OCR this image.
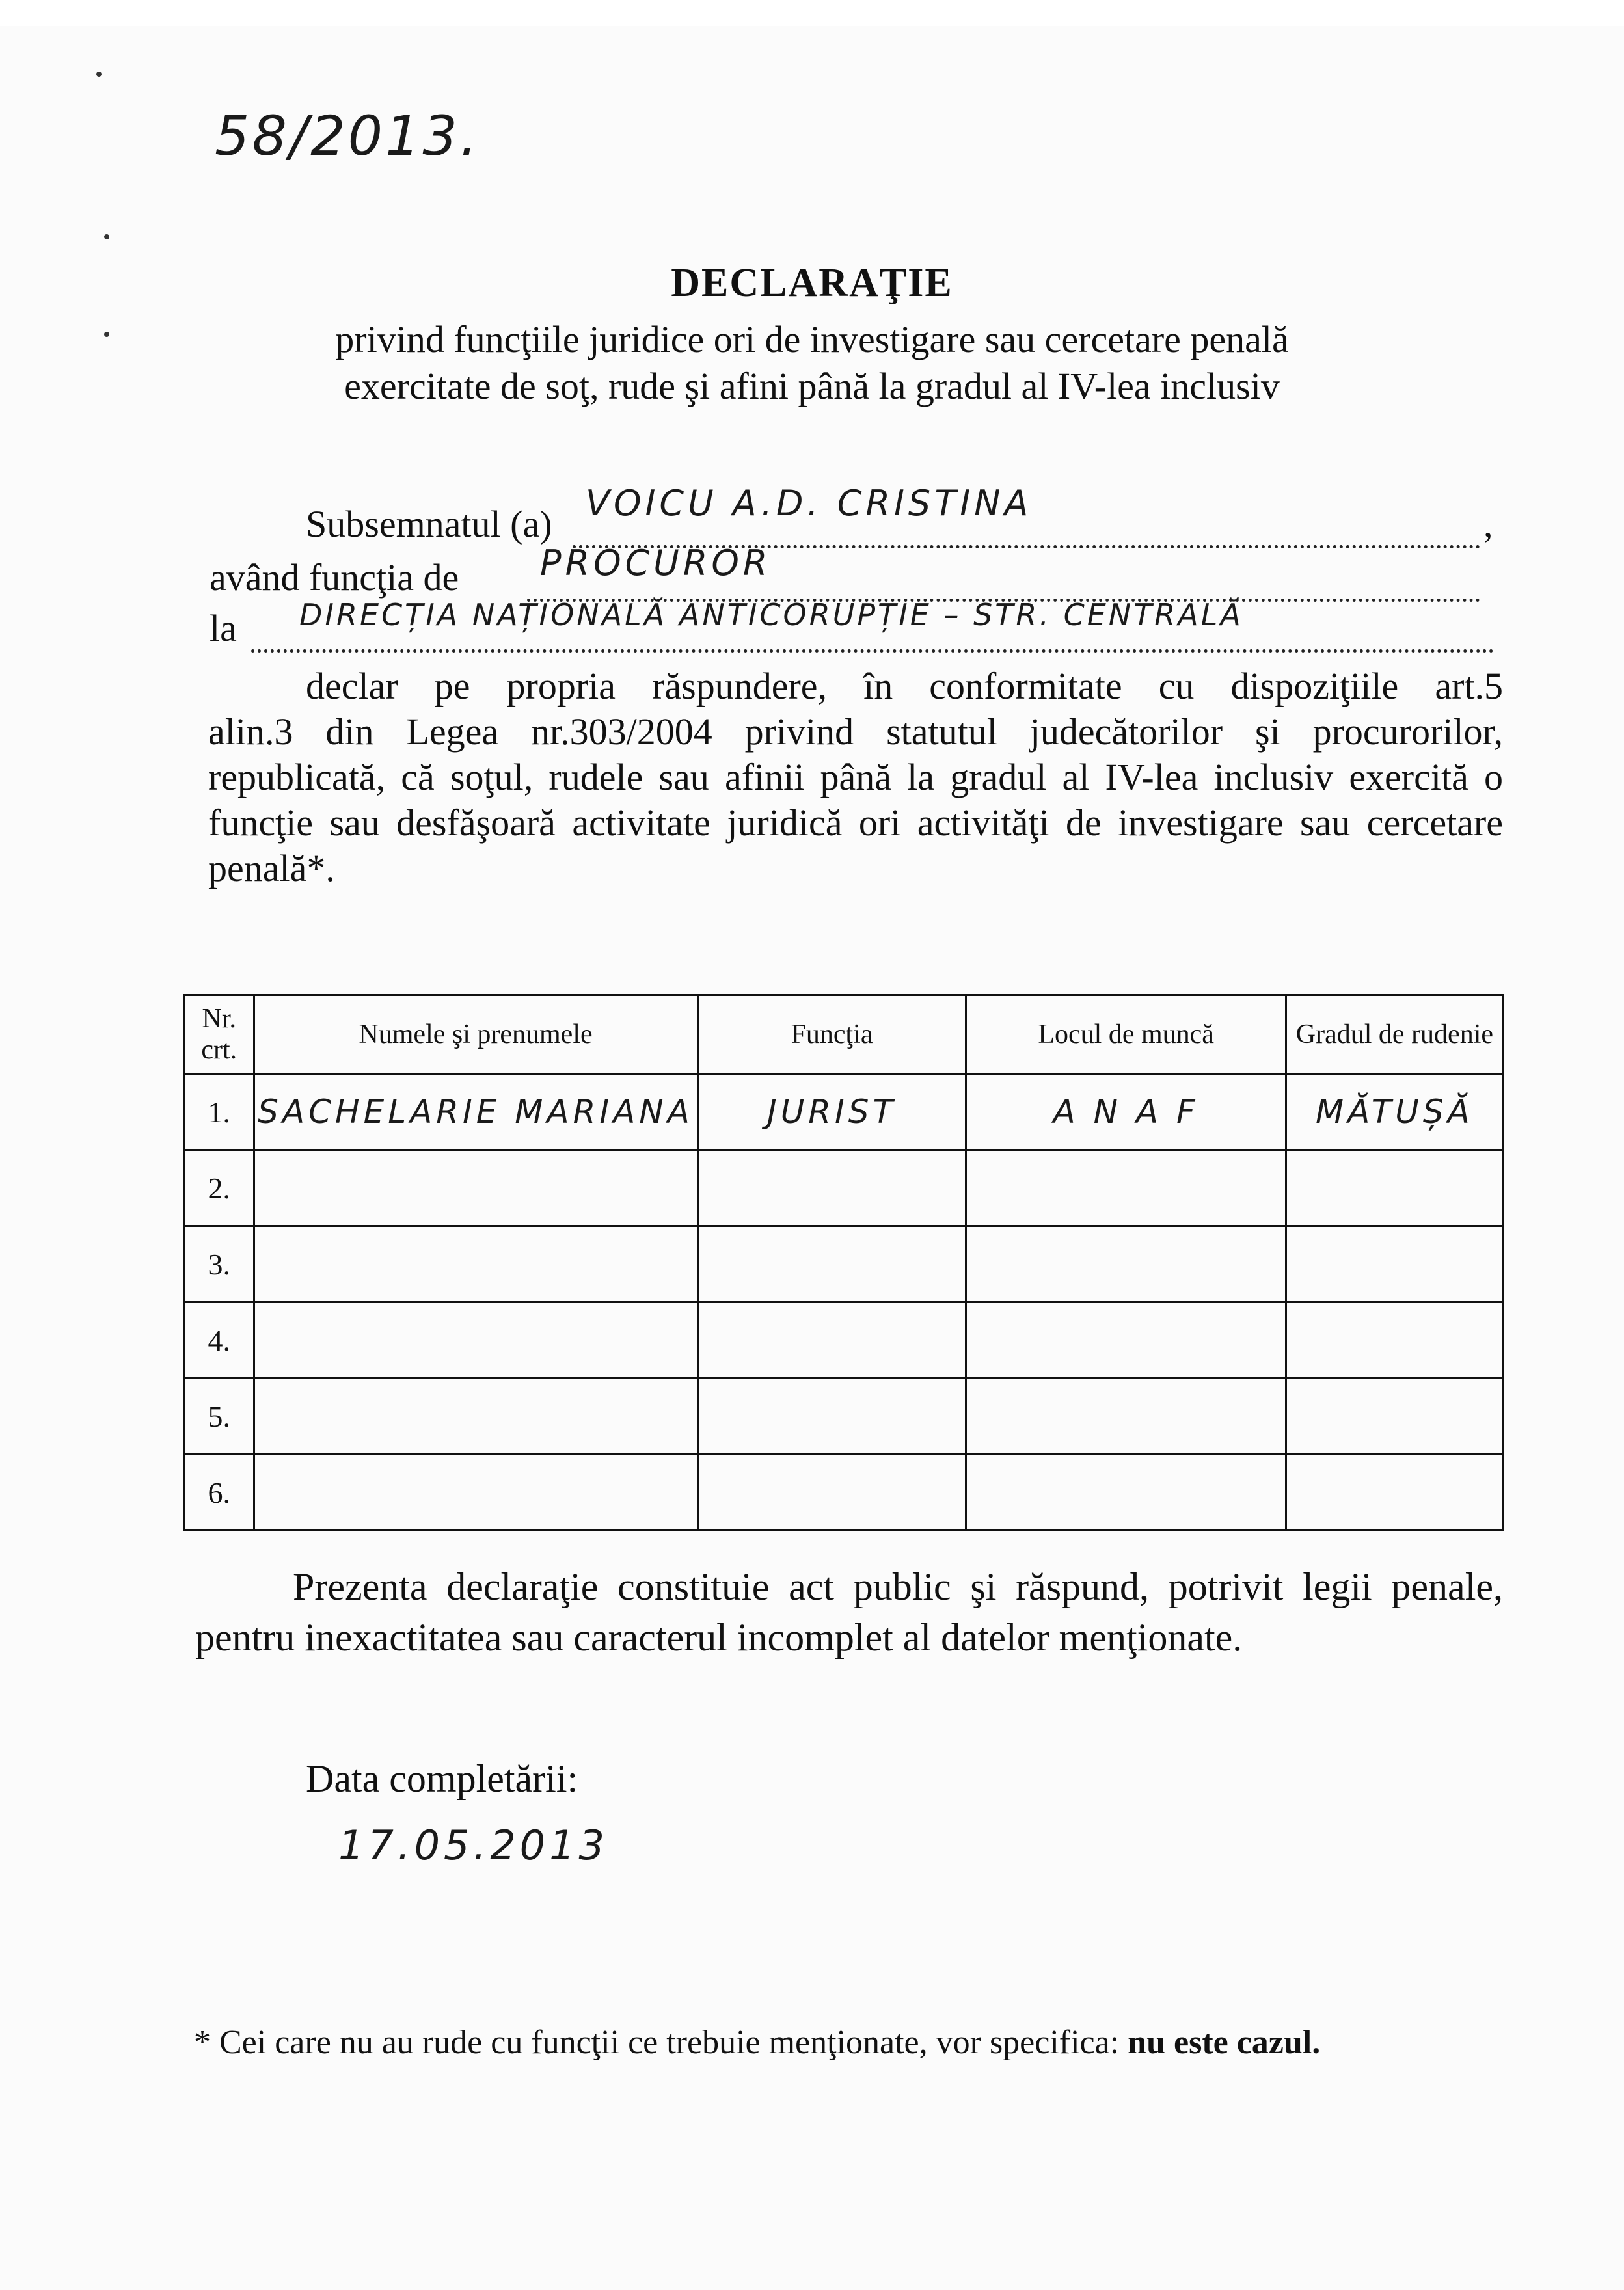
58/2013.
DECLARAŢIE
privind funcţiile juridice ori de investigare sau cercetare penală
exercitate de soţ, rude şi afini până la gradul al IV-lea inclusiv
Subsemnatul (a)	,
VOICU A.D. CRISTINA
având funcţia de PROCUROR
la DIRECȚIA NAȚIONALĂ ANTICORUPȚIE – STR. CENTRALĂ

declar pe propria răspundere, în conformitate cu dispoziţiile art.5

alin.3 din Legea nr.303/2004 privind statutul judecătorilor şi procurorilor, republicată, că soţul, rudele sau afinii până la gradul al IV-lea inclusiv exercită o funcţie sau desfăşoară activitate juridică ori activităţi de investigare sau cercetare penală*.

Nr. crt.	Numele şi prenumele	Funcţia	Locul de muncă	Gradul de rudenie
1.	SACHELARIE MARIANA	JURIST	A N A F	MĂTUȘĂ
2.				
3.				
4.				
5.				
6.				

Prezenta declaraţie constituie act public şi răspund, potrivit legii penale, pentru inexactitatea sau caracterul incomplet al datelor menţionate.

Data completării:
17.05.2013
* Cei care nu au rude cu funcţii ce trebuie menţionate, vor specifica: nu este cazul.
